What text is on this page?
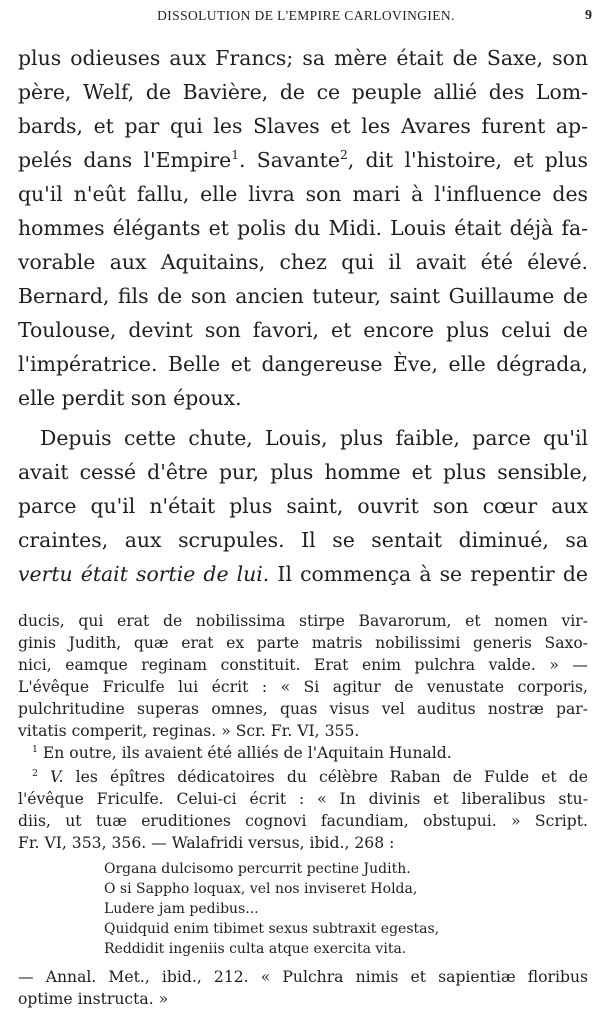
DISSOLUTION DE L'EMPIRE CARLOVINGIEN.	9
plus odieuses aux Francs; sa mère était de Saxe, son
père, Welf, de Bavière, de ce peuple allié des Lom-
bards, et par qui les Slaves et les Avares furent ap-
pelés dans l'Empire$^1$. Savante$^2$, dit l'histoire, et plus
qu'il n'eût fallu, elle livra son mari à l'influence des
hommes élégants et polis du Midi. Louis était déjà fa-
vorable aux Aquitains, chez qui il avait été élevé.
Bernard, fils de son ancien tuteur, saint Guillaume de
Toulouse, devint son favori, et encore plus celui de
l'impératrice. Belle et dangereuse Ève, elle dégrada,
elle perdit son époux.
Depuis cette chute, Louis, plus faible, parce qu'il
avait cessé d'être pur, plus homme et plus sensible,
parce qu'il n'était plus saint, ouvrit son cœur aux
craintes, aux scrupules. Il se sentait diminué, sa
vertu était sortie de lui. Il commença à se repentir de
ducis, qui erat de nobilissima stirpe Bavarorum, et nomen vir-
ginis Judith, quæ erat ex parte matris nobilissimi generis Saxo-
nici, eamque reginam constituit. Erat enim pulchra valde. » —
L'évêque Friculfe lui écrit : « Si agitur de venustate corporis,
pulchritudine superas omnes, quas visus vel auditus nostræ par-
vitatis comperit, reginas. » Scr. Fr. VI, 355.
$^1$ En outre, ils avaient été alliés de l'Aquitain Hunald.
$^2$ V. les épîtres dédicatoires du célèbre Raban de Fulde et de
l'évêque Friculfe. Celui-ci écrit : « In divinis et liberalibus stu-
diis, ut tuæ eruditiones cognovi facundiam, obstupui. » Script.
Fr. VI, 353, 356. — Walafridi versus, ibid., 268 :
Organa dulcisomo percurrit pectine Judith.
O si Sappho loquax, vel nos inviseret Holda,
Ludere jam pedibus...
Quidquid enim tibimet sexus subtraxit egestas,
Reddidit ingeniis culta atque exercita vita.
— Annal. Met., ibid., 212. « Pulchra nimis et sapientiæ floribus
optime instructa. »
